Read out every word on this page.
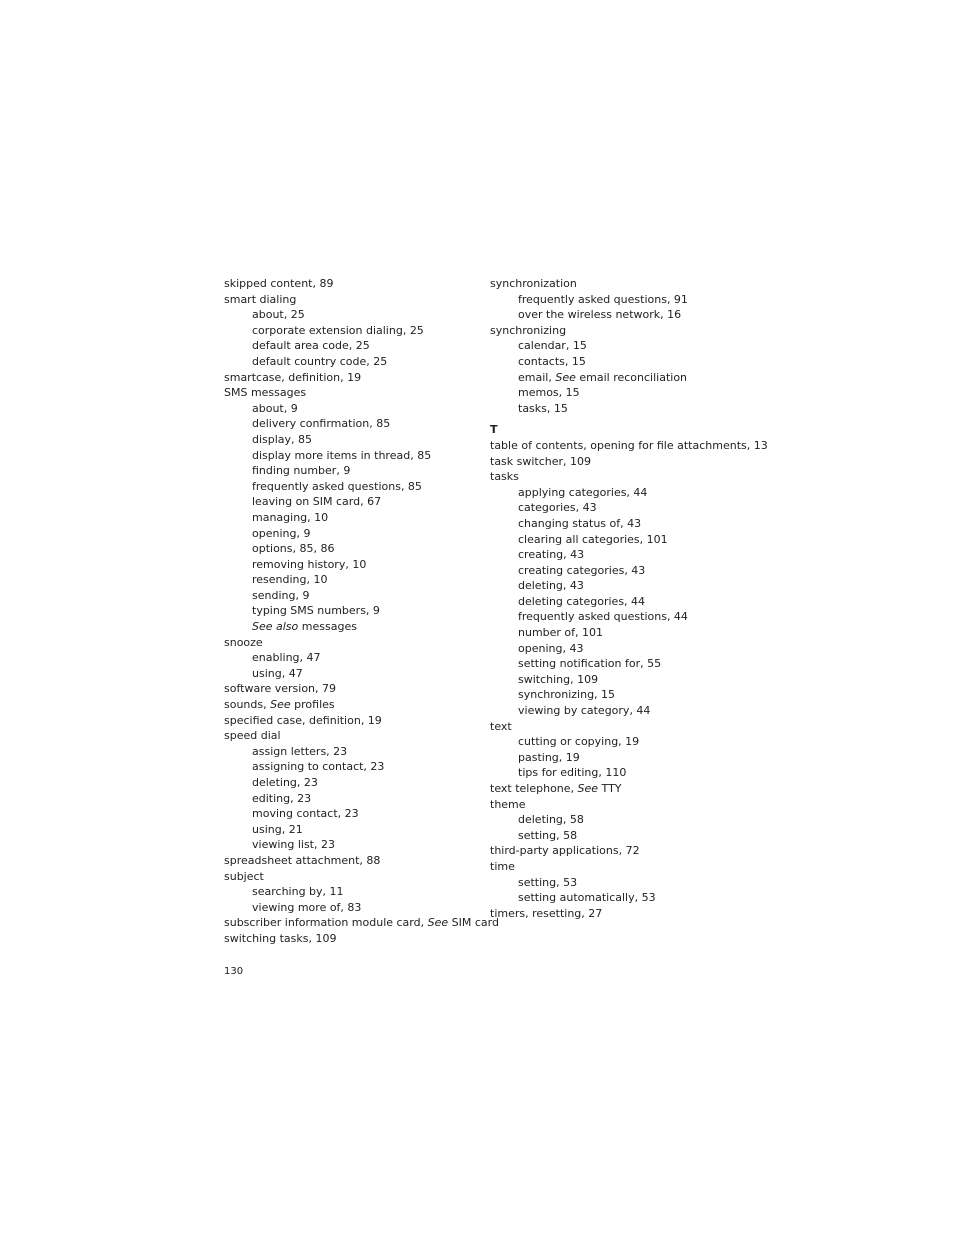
skipped content, 89
smart dialing
about, 25
corporate extension dialing, 25
default area code, 25
default country code, 25
smartcase, definition, 19
SMS messages
about, 9
delivery confirmation, 85
display, 85
display more items in thread, 85
finding number, 9
frequently asked questions, 85
leaving on SIM card, 67
managing, 10
opening, 9
options, 85, 86
removing history, 10
resending, 10
sending, 9
typing SMS numbers, 9
See also messages
snooze
enabling, 47
using, 47
software version, 79
sounds, See profiles
specified case, definition, 19
speed dial
assign letters, 23
assigning to contact, 23
deleting, 23
editing, 23
moving contact, 23
using, 21
viewing list, 23
spreadsheet attachment, 88
subject
searching by, 11
viewing more of, 83
subscriber information module card, See SIM card
switching tasks, 109
synchronization
frequently asked questions, 91
over the wireless network, 16
synchronizing
calendar, 15
contacts, 15
email, See email reconciliation
memos, 15
tasks, 15
T
table of contents, opening for file attachments, 13
task switcher, 109
tasks
applying categories, 44
categories, 43
changing status of, 43
clearing all categories, 101
creating, 43
creating categories, 43
deleting, 43
deleting categories, 44
frequently asked questions, 44
number of, 101
opening, 43
setting notification for, 55
switching, 109
synchronizing, 15
viewing by category, 44
text
cutting or copying, 19
pasting, 19
tips for editing, 110
text telephone, See TTY
theme
deleting, 58
setting, 58
third-party applications, 72
time
setting, 53
setting automatically, 53
timers, resetting, 27
130
